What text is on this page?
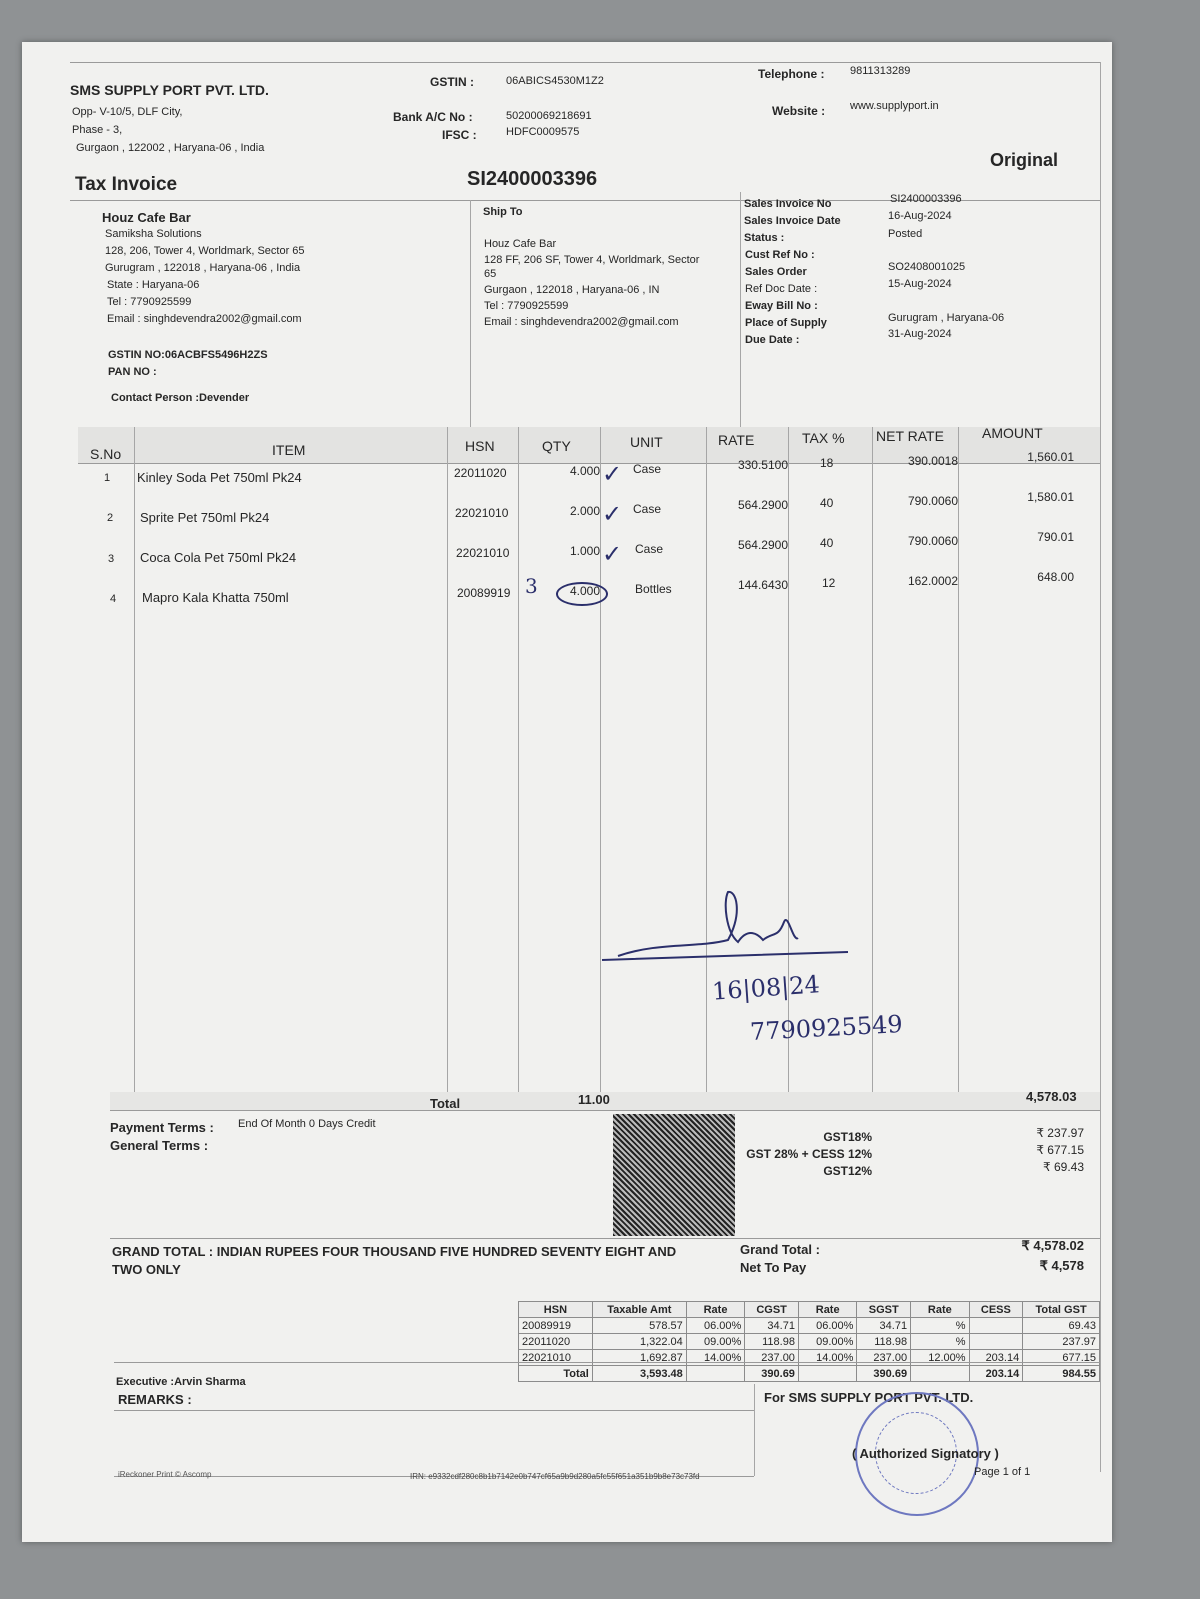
SMS SUPPLY PORT PVT. LTD.
Opp- V-10/5, DLF City,
Phase - 3,
Gurgaon , 122002 , Haryana-06 , India
GSTIN :	06ABICS4530M1Z2
Bank A/C No :	50200069218691
IFSC :	HDFC0009575
Telephone : 9811313289
Website : www.supplyport.in
Tax Invoice	SI2400003396
Original
Houz Cafe Bar
Samiksha Solutions
128, 206, Tower 4, Worldmark, Sector 65
Gurugram , 122018 , Haryana-06 , India
State : Haryana-06
Tel : 7790925599
Email : singhdevendra2002@gmail.com
GSTIN NO:06ACBFS5496H2ZS
PAN NO :
Contact Person :Devender
Ship To
Houz Cafe Bar
128 FF, 206 SF, Tower 4, Worldmark, Sector
65
Gurgaon , 122018 , Haryana-06 , IN
Tel : 7790925599
Email : singhdevendra2002@gmail.com
Sales Invoice No	SI2400003396
Sales Invoice Date	16-Aug-2024
Status :	Posted
Cust Ref No :
Sales Order	SO2408001025
Ref Doc Date :	15-Aug-2024
Eway Bill No :
Place of Supply	Gurugram , Haryana-06
Due Date :	31-Aug-2024
S.No	ITEM	HSN	QTY	UNIT	RATE	TAX % NET RATE	AMOUNT
1 Kinley Soda Pet 750ml Pk24	22011020	4.000	Case	330.5100	18	390.0018	1,560.01
2 Sprite Pet 750ml Pk24	22021010	2.000	Case	564.2900	40	790.0060	1,580.01
3 Coca Cola Pet 750ml Pk24	22021010	1.000	Case	564.2900	40	790.0060	790.01
4 Mapro Kala Khatta 750ml	20089919	4.000	Bottles	144.6430	12	162.0002	648.00
✓
✓
✓
3
16|08|24
7790925549
Total	11.00	4,578.03
Payment Terms : End Of Month 0 Days Credit
General Terms :
GST18%	₹ 237.97
GST 28% + CESS 12%	₹ 677.15
GST12%	₹ 69.43
GRAND TOTAL : INDIAN RUPEES FOUR THOUSAND FIVE HUNDRED SEVENTY EIGHT AND
TWO ONLY
Grand Total :	₹ 4,578.02
Net To Pay	₹ 4,578
HSN	Taxable Amt	Rate	CGST	Rate	SGST	Rate	CESS	Total GST
20089919	578.57	06.00%	34.71	06.00%	34.71	%		69.43
22011020	1,322.04	09.00%	118.98	09.00%	118.98	%		237.97
22021010	1,692.87	14.00%	237.00	14.00%	237.00	12.00%	203.14	677.15
Total	3,593.48		390.69		390.69		203.14	984.55
Executive :Arvin Sharma
REMARKS :	For SMS SUPPLY PORT PVT. LTD.
( Authorized Signatory )
Page 1 of 1
iReckoner Print © Ascomp	IRN: e9332cdf280c8b1b7142e0b747cf65a9b9d280a5fc55f651a351b9b8e73c73fd
